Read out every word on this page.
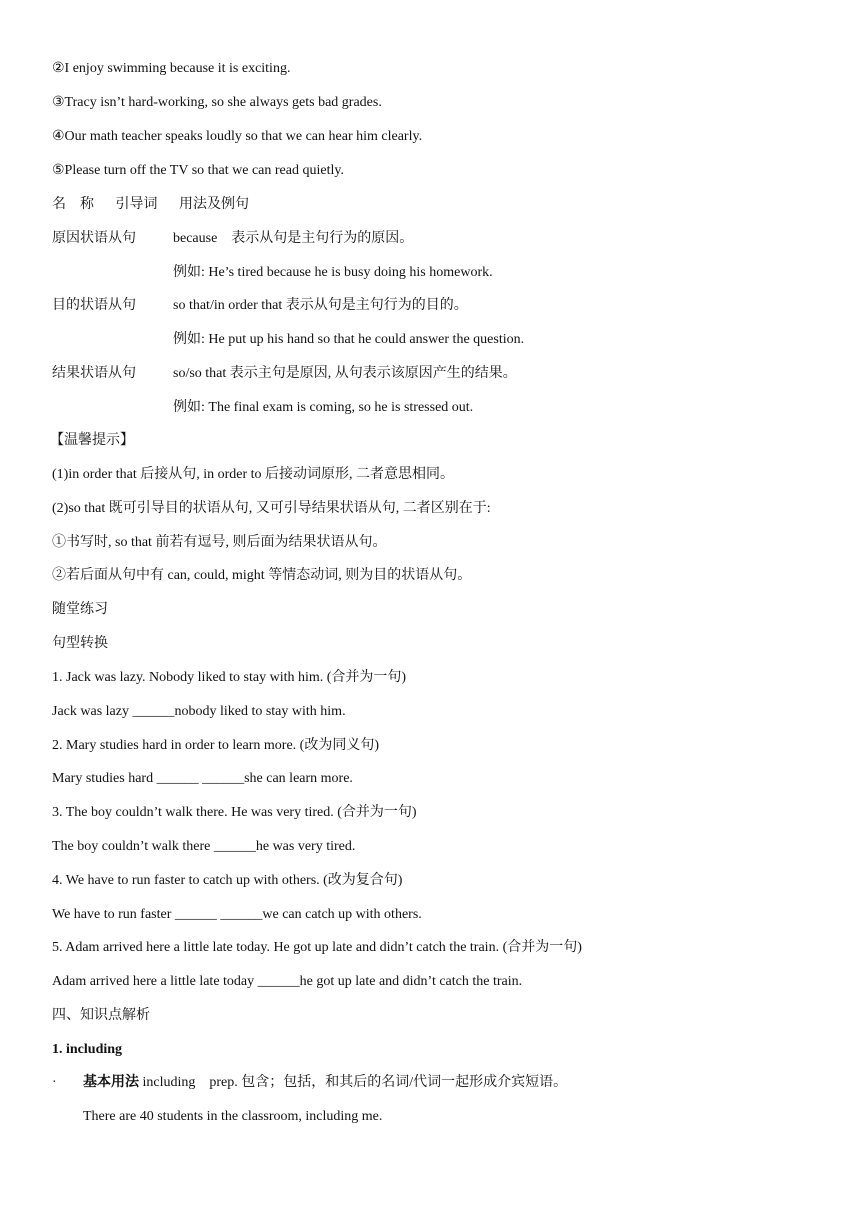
②I enjoy swimming because it is exciting.
③Tracy isn’t hard-working, so she always gets bad grades.
④Our math teacher speaks loudly so that we can hear him clearly.
⑤Please turn off the TV so that we can read quietly.
名　称 引导词 用法及例句
原因状语从句	because　表示从句是主句行为的原因。
例如: He’s tired because he is busy doing his homework.
目的状语从句	so that/in order that 表示从句是主句行为的目的。
例如: He put up his hand so that he could answer the question.
结果状语从句	so/so that 表示主句是原因, 从句表示该原因产生的结果。
例如: The final exam is coming, so he is stressed out.
【温馨提示】
(1)in order that 后接从句, in order to 后接动词原形, 二者意思相同。
(2)so that 既可引导目的状语从句, 又可引导结果状语从句, 二者区别在于:
①书写时, so that 前若有逗号, 则后面为结果状语从句。
②若后面从句中有 can, could, might 等情态动词, 则为目的状语从句。
随堂练习
句型转换
1. Jack was lazy. Nobody liked to stay with him. (合并为一句)
Jack was lazy ______nobody liked to stay with him.
2. Mary studies hard in order to learn more. (改为同义句)
Mary studies hard ______ ______she can learn more.
3. The boy couldn’t walk there. He was very tired. (合并为一句)
The boy couldn’t walk there ______he was very tired.
4. We have to run faster to catch up with others. (改为复合句)
We have to run faster ______ ______we can catch up with others.
5. Adam arrived here a little late today. He got up late and didn’t catch the train. (合并为一句)
Adam arrived here a little late today ______he got up late and didn’t catch the train.
四、知识点解析
1. including
· 基本用法 including　prep. 包含；包括，和其后的名词/代词一起形成介宾短语。
There are 40 students in the classroom, including me.
